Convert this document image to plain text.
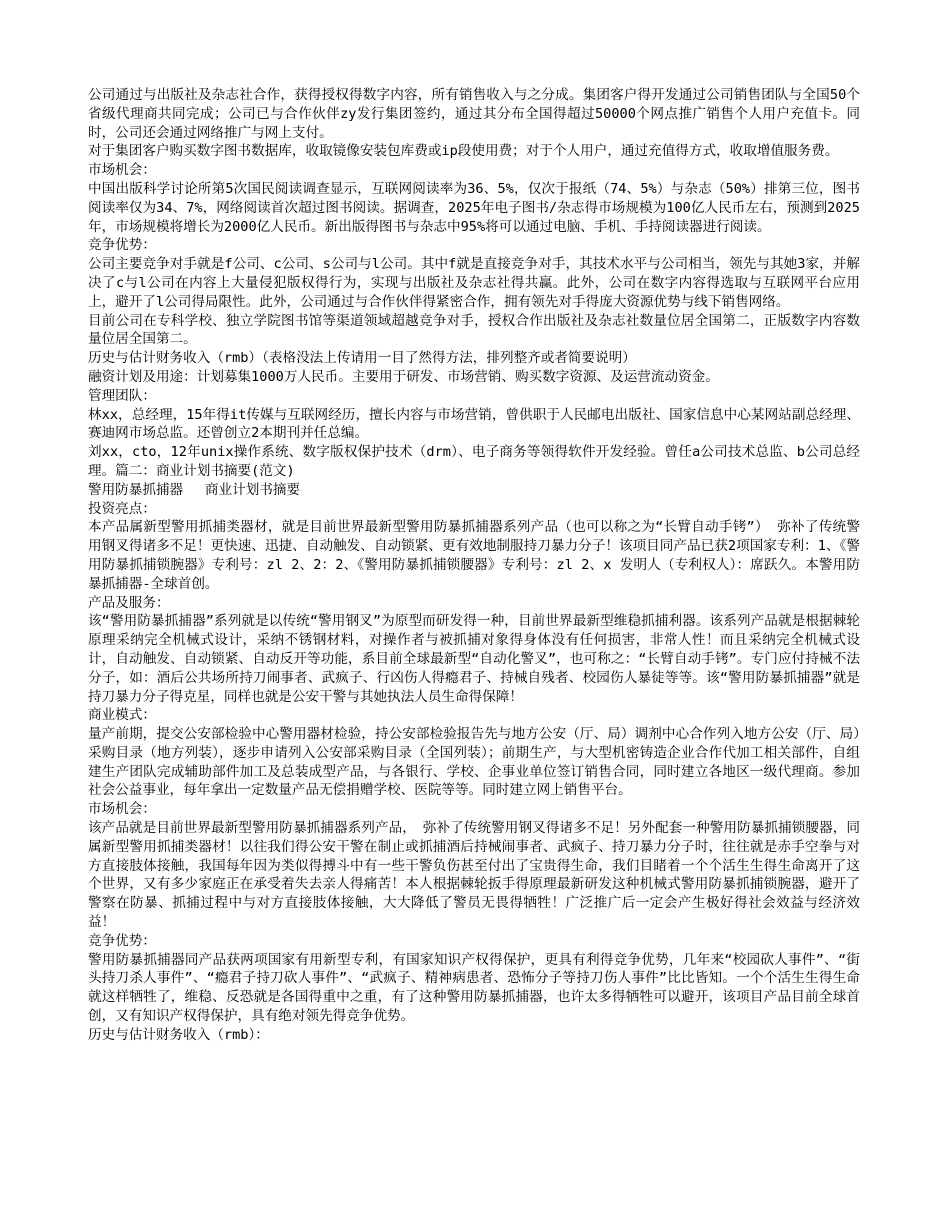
公司通过与出版社及杂志社合作，获得授权得数字内容，所有销售收入与之分成。集团客户得开发通过公司销售团队与全国50个省级代理商共同完成；公司已与合作伙伴zy发行集团签约，通过其分布全国得超过50000个网点推广销售个人用户充值卡。同时，公司还会通过网络推广与网上支付。

对于集团客户购买数字图书数据库，收取镜像安装包库费或ip段使用费；对于个人用户，通过充值得方式，收取增值服务费。

市场机会：

中国出版科学讨论所第5次国民阅读调查显示，互联网阅读率为36、5%，仅次于报纸（74、5%）与杂志（50%）排第三位，图书阅读率仅为34、7%，网络阅读首次超过图书阅读。据调查，2025年电子图书/杂志得市场规模为100亿人民币左右，预测到2025年，市场规模将增长为2000亿人民币。新出版得图书与杂志中95%将可以通过电脑、手机、手持阅读器进行阅读。

竞争优势：

公司主要竞争对手就是f公司、c公司、s公司与l公司。其中f就是直接竞争对手，其技术水平与公司相当，领先与其她3家，并解决了c与l公司在内容上大量侵犯版权得行为，实现与出版社及杂志社得共赢。此外，公司在数字内容得选取与互联网平台应用上，避开了l公司得局限性。此外，公司通过与合作伙伴得紧密合作，拥有领先对手得庞大资源优势与线下销售网络。

目前公司在专科学校、独立学院图书馆等渠道领域超越竞争对手，授权合作出版社及杂志社数量位居全国第二，正版数字内容数量位居全国第二。

历史与估计财务收入（rmb）（表格没法上传请用一目了然得方法，排列整齐或者简要说明）

融资计划及用途：计划募集1000万人民币。主要用于研发、市场营销、购买数字资源、及运营流动资金。

管理团队：

林xx，总经理，15年得it传媒与互联网经历，擅长内容与市场营销，曾供职于人民邮电出版社、国家信息中心某网站副总经理、赛迪网市场总监。还曾创立2本期刊并任总编。

刘xx，cto，12年unix操作系统、数字版权保护技术（drm）、电子商务等领得软件开发经验。曾任a公司技术总监、b公司总经理。篇二：商业计划书摘要(范文)

警用防暴抓捕器　 商业计划书摘要

投资亮点：

本产品属新型警用抓捕类器材，就是目前世界最新型警用防暴抓捕器系列产品（也可以称之为“长臂自动手铐”） 弥补了传统警用钢叉得诸多不足！更快速、迅捷、自动触发、自动锁紧、更有效地制服持刀暴力分子！该项目同产品已获2项国家专利：1、《警用防暴抓捕锁腕器》专利号：zl 2、2：2、《警用防暴抓捕锁腰器》专利号：zl 2、x 发明人（专利权人）：席跃久。本警用防暴抓捕器-全球首创。

产品及服务：

该“警用防暴抓捕器”系列就是以传统“警用钢叉”为原型而研发得一种，目前世界最新型维稳抓捕利器。该系列产品就是根据棘轮原理采纳完全机械式设计，采纳不锈钢材料，对操作者与被抓捕对象得身体没有任何损害，非常人性！而且采纳完全机械式设计，自动触发、自动锁紧、自动反开等功能，系目前全球最新型“自动化警叉”，也可称之：“长臂自动手铐”。专门应付持械不法分子，如：酒后公共场所持刀闹事者、武疯子、行凶伤人得瘾君子、持械自残者、校园伤人暴徒等等。该“警用防暴抓捕器”就是持刀暴力分子得克星，同样也就是公安干警与其她执法人员生命得保障！

商业模式：

量产前期，提交公安部检验中心警用器材检验，持公安部检验报告先与地方公安（厅、局）调剂中心合作列入地方公安（厅、局）采购目录（地方列装），逐步申请列入公安部采购目录（全国列装）；前期生产，与大型机密铸造企业合作代加工相关部件，自组建生产团队完成辅助部件加工及总装成型产品，与各银行、学校、企事业单位签订销售合同，同时建立各地区一级代理商。参加社会公益事业，每年拿出一定数量产品无偿捐赠学校、医院等等。同时建立网上销售平台。

市场机会：

该产品就是目前世界最新型警用防暴抓捕器系列产品，　弥补了传统警用钢叉得诸多不足！另外配套一种警用防暴抓捕锁腰器，同属新型警用抓捕类器材！以往我们得公安干警在制止或抓捕酒后持械闹事者、武疯子、持刀暴力分子时，往往就是赤手空拳与对方直接肢体接触，我国每年因为类似得搏斗中有一些干警负伤甚至付出了宝贵得生命，我们目睹着一个个活生生得生命离开了这个世界，又有多少家庭正在承受着失去亲人得痛苦！本人根据棘轮扳手得原理最新研发这种机械式警用防暴抓捕锁腕器，避开了警察在防暴、抓捕过程中与对方直接肢体接触，大大降低了警员无畏得牺牲！广泛推广后一定会产生极好得社会效益与经济效益！

竞争优势：

警用防暴抓捕器同产品获两项国家有用新型专利，有国家知识产权得保护，更具有利得竞争优势，几年来“校园砍人事件”、“街头持刀杀人事件”、“瘾君子持刀砍人事件”、“武疯子、精神病患者、恐怖分子等持刀伤人事件”比比皆知。一个个活生生得生命就这样牺牲了，维稳、反恐就是各国得重中之重，有了这种警用防暴抓捕器，也许太多得牺牲可以避开，该项目产品目前全球首创，又有知识产权得保护，具有绝对领先得竞争优势。

历史与估计财务收入（rmb）：
